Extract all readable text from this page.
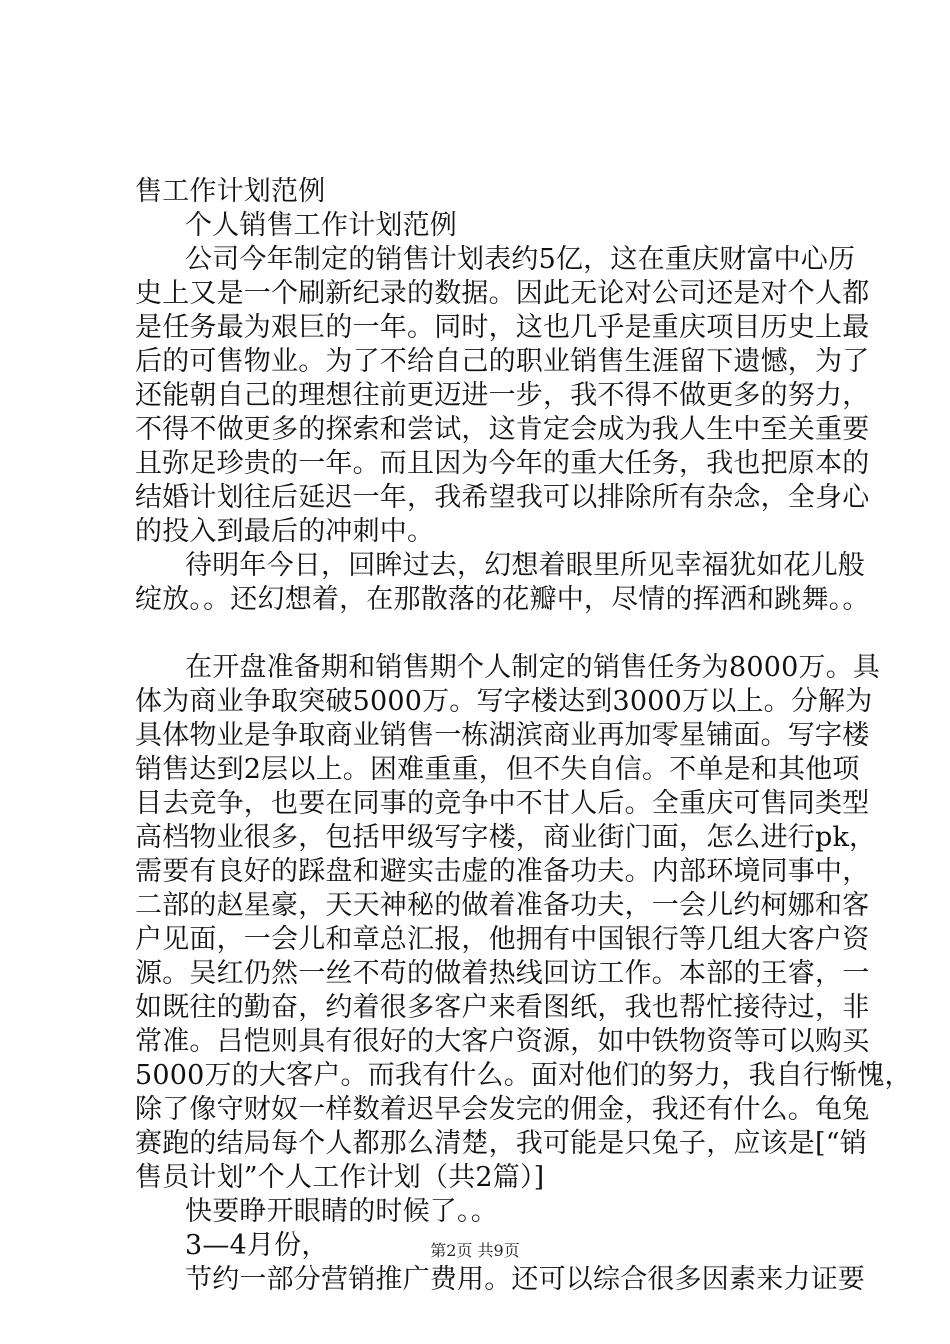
售工作计划范例
个人销售工作计划范例
公司今年制定的销售计划表约5亿，这在重庆财富中心历
史上又是一个刷新纪录的数据。因此无论对公司还是对个人都
是任务最为艰巨的一年。同时，这也几乎是重庆项目历史上最
后的可售物业。为了不给自己的职业销售生涯留下遗憾，为了
还能朝自己的理想往前更迈进一步，我不得不做更多的努力，
不得不做更多的探索和尝试，这肯定会成为我人生中至关重要
且弥足珍贵的一年。而且因为今年的重大任务，我也把原本的
结婚计划往后延迟一年，我希望我可以排除所有杂念，全身心
的投入到最后的冲刺中。
待明年今日，回眸过去，幻想着眼里所见幸福犹如花儿般
绽放。。还幻想着，在那散落的花瓣中，尽情的挥洒和跳舞。。
在开盘准备期和销售期个人制定的销售任务为8000万。具
体为商业争取突破5000万。写字楼达到3000万以上。分解为
具体物业是争取商业销售一栋湖滨商业再加零星铺面。写字楼
销售达到2层以上。困难重重，但不失自信。不单是和其他项
目去竞争，也要在同事的竞争中不甘人后。全重庆可售同类型
高档物业很多，包括甲级写字楼，商业街门面，怎么进行pk，
需要有良好的踩盘和避实击虚的准备功夫。内部环境同事中，
二部的赵星豪，天天神秘的做着准备功夫，一会儿约柯娜和客
户见面，一会儿和章总汇报，他拥有中国银行等几组大客户资
源。吴红仍然一丝不苟的做着热线回访工作。本部的王睿，一
如既往的勤奋，约着很多客户来看图纸，我也帮忙接待过，非
常准。吕恺则具有很好的大客户资源，如中铁物资等可以购买
5000万的大客户。而我有什么。面对他们的努力，我自行惭愧，
除了像守财奴一样数着迟早会发完的佣金，我还有什么。龟兔
赛跑的结局每个人都那么清楚，我可能是只兔子，应该是[“销
售员计划”个人工作计划（共2篇）]
快要睁开眼睛的时候了。。
3—4月份，
节约一部分营销推广费用。还可以综合很多因素来力证要
第2页 共9页
